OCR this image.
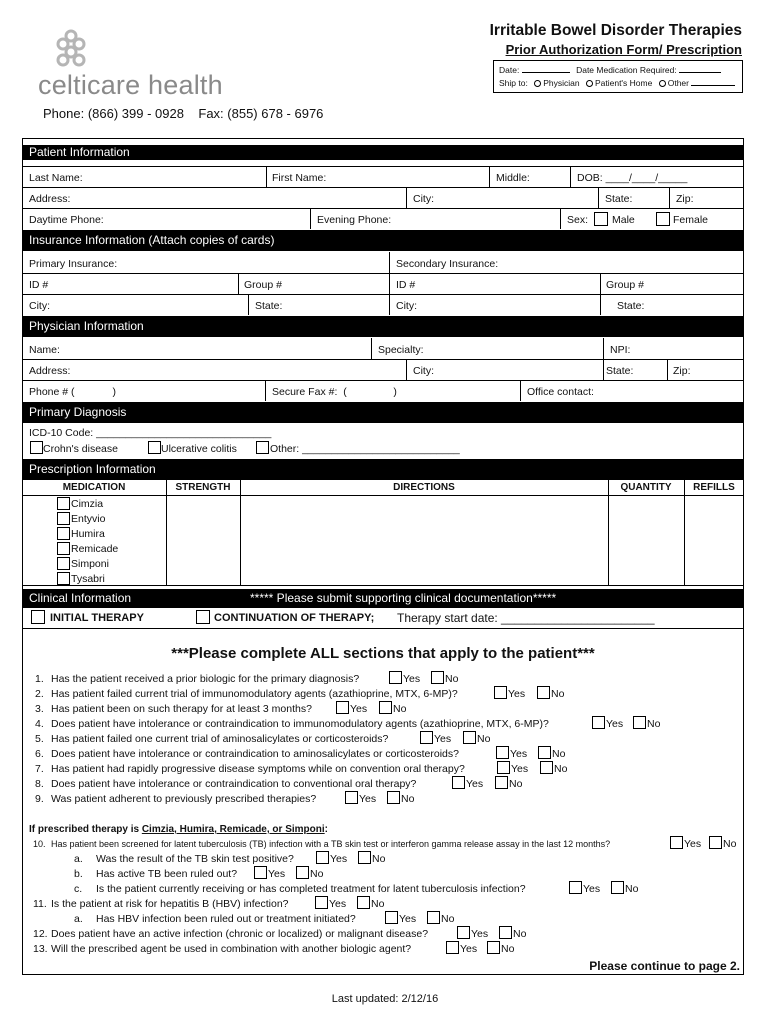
celticare health
Phone: (866) 399 - 0928    Fax: (855) 678 - 6976
Irritable Bowel Disorder Therapies
Prior Authorization Form/ Prescription
Date:	Date Medication Required:
Ship to: Physician Patient's Home Other
Patient Information
Last Name:	First Name:	Middle:	DOB: ____/____/_____
Address:	City:	State:	Zip:
Daytime Phone:	Evening Phone:	Sex: Male	Female
Insurance Information (Attach copies of cards)
Primary Insurance:	Secondary Insurance:
ID #	Group #	ID #	Group #
City:	State:	City:	State:
Physician Information
Name:	Specialty:	NPI:
Address:	City:	State:	Zip:
Phone # (             )	Secure Fax #:  (                )	Office contact:
Primary Diagnosis
ICD-10 Code: ______________________________
Crohn's disease	Ulcerative colitis	Other: ___________________________
Prescription Information
MEDICATION	STRENGTH	DIRECTIONS	QUANTITY	REFILLS
Cimzia
Entyvio
Humira
Remicade
Simponi
Tysabri
Clinical Information	***** Please submit supporting clinical documentation*****
INITIAL THERAPY	CONTINUATION OF THERAPY; Therapy start date: _______________________
***Please complete ALL sections that apply to the patient***
1. Has the patient received a prior biologic for the primary diagnosis?	Yes No
2. Has patient failed current trial of immunomodulatory agents (azathioprine, MTX, 6-MP)?	Yes No
3. Has patient been on such therapy for at least 3 months?	Yes No
4. Does patient have intolerance or contraindication to immunomodulatory agents (azathioprine, MTX, 6-MP)?	Yes No
5. Has patient failed one current trial of aminosalicylates or corticosteroids?	Yes No
6. Does patient have intolerance or contraindication to aminosalicylates or corticosteroids?	Yes No
7. Has patient had rapidly progressive disease symptoms while on convention oral therapy?	Yes No
8. Does patient have intolerance or contraindication to conventional oral therapy?	Yes No
9. Was patient adherent to previously prescribed therapies?	Yes No
If prescribed therapy is Cimzia, Humira, Remicade, or Simponi:
10. Has patient been screened for latent tuberculosis (TB) infection with a TB skin test or interferon gamma release assay in the last 12 months?	Yes No
a. Was the result of the TB skin test positive?	Yes No
b. Has active TB been ruled out?	Yes No
c. Is the patient currently receiving or has completed treatment for latent tuberculosis infection?	Yes No
11. Is the patient at risk for hepatitis B (HBV) infection?	Yes No
a. Has HBV infection been ruled out or treatment initiated?	Yes No
12. Does patient have an active infection (chronic or localized) or malignant disease?	Yes No
13. Will the prescribed agent be used in combination with another biologic agent?	Yes No
Please continue to page 2.
Last updated: 2/12/16
